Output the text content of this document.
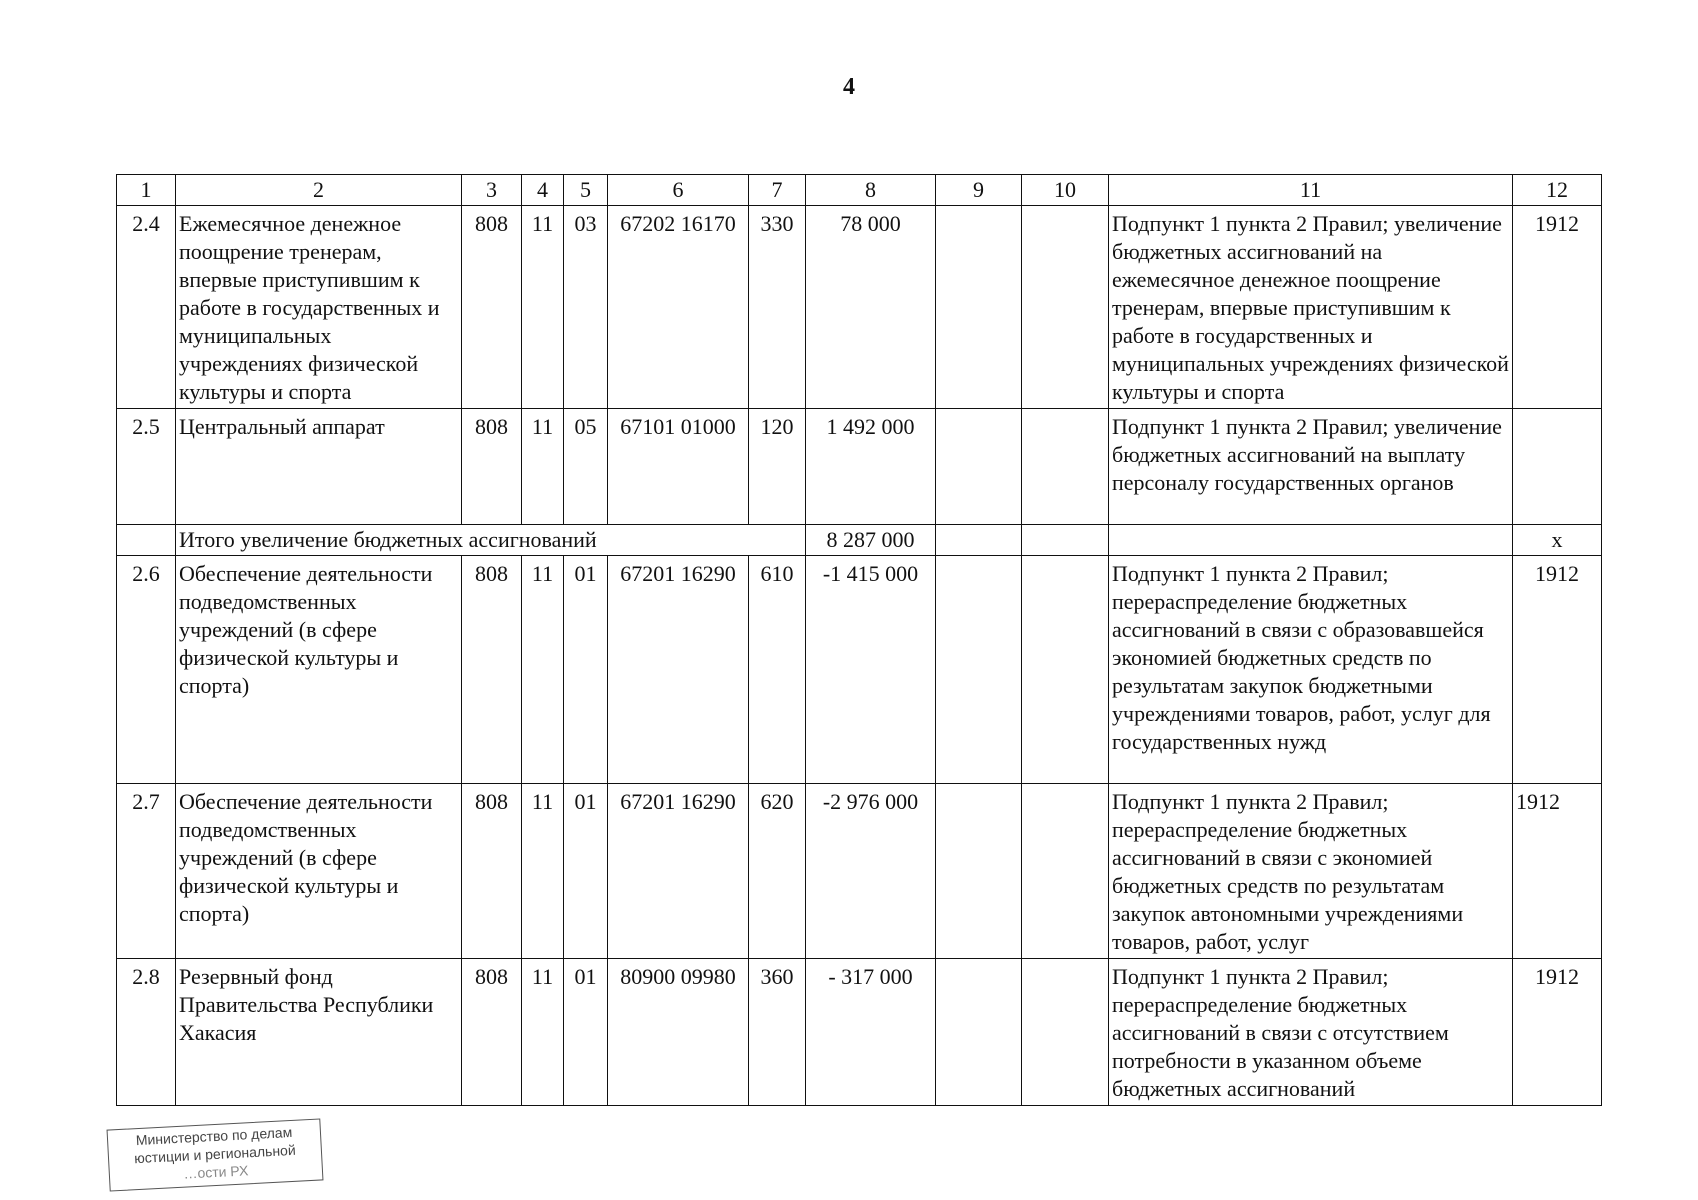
4
1	2	3	4	5	6	7	8	9	10	11	12
2.4	Ежемесячное денежное поощрение тренерам, впервые приступившим к работе в государственных и муниципальных учреждениях физической культуры и спорта	808	11	03	67202 16170	330	78 000			Подпункт 1 пункта 2 Правил; увеличение бюджетных ассигнований на ежемесячное денежное поощрение тренерам, впервые приступившим к работе в государственных и муниципальных учреждениях физической культуры и спорта	1912
2.5	Центральный аппарат	808	11	05	67101 01000	120	1 492 000			Подпункт 1 пункта 2 Правил; увеличение бюджетных ассигнований на выплату персоналу государственных органов	
	Итого увеличение бюджетных ассигнований						8 287 000				x
2.6	Обеспечение деятельности подведомственных учреждений (в сфере физической культуры и спорта)	808	11	01	67201 16290	610	-1 415 000			Подпункт 1 пункта 2 Правил; перераспределение бюджетных ассигнований в связи с образовавшейся экономией бюджетных средств по результатам закупок бюджетными учреждениями товаров, работ, услуг для государственных нужд	1912
2.7	Обеспечение деятельности подведомственных учреждений (в сфере физической культуры и спорта)	808	11	01	67201 16290	620	-2 976 000			Подпункт 1 пункта 2 Правил; перераспределение бюджетных ассигнований в связи с экономией бюджетных средств по результатам закупок автономными учреждениями товаров, работ, услуг	1912
2.8	Резервный фонд Правительства Республики Хакасия	808	11	01	80900 09980	360	- 317 000			Подпункт 1 пункта 2 Правил; перераспределение бюджетных ассигнований в связи с отсутствием потребности в указанном объеме бюджетных ассигнований	1912
Министерство по делам
юстиции и региональной
…ости РХ
